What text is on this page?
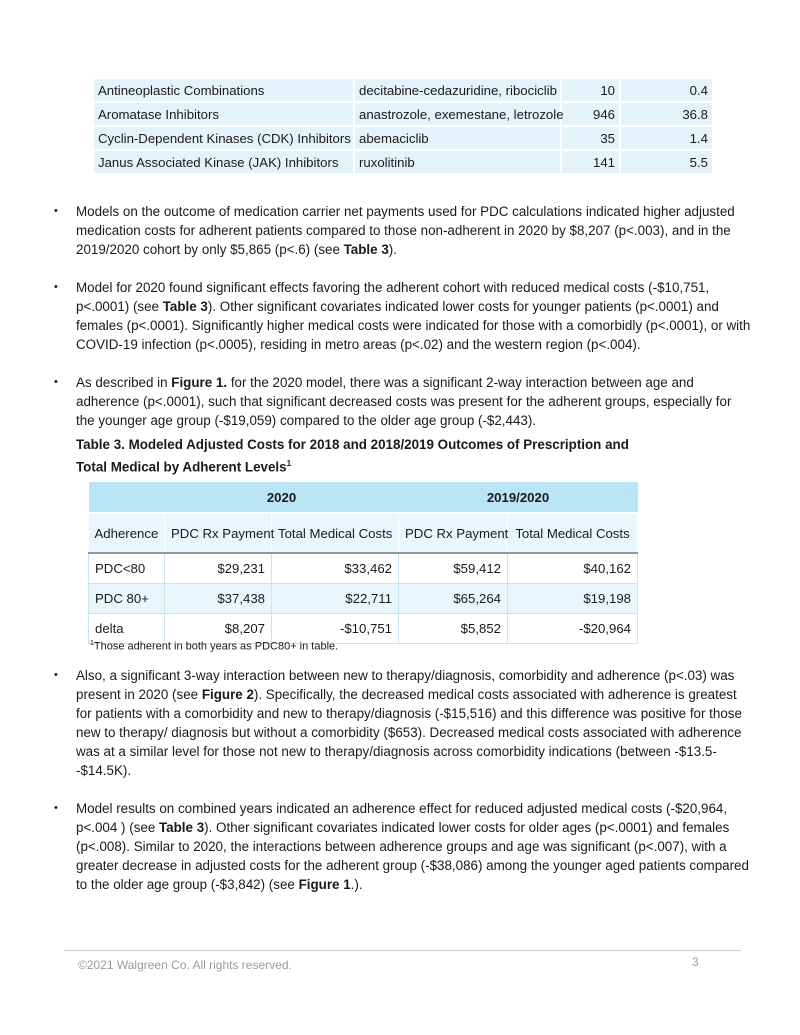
Antineoplastic Combinations	decitabine-cedazuridine, ribociclib	10	0.4
Aromatase Inhibitors	anastrozole, exemestane, letrozole	946	36.8
Cyclin-Dependent Kinases (CDK) Inhibitors	abemaciclib	35	1.4
Janus Associated Kinase (JAK) Inhibitors	ruxolitinib	141	5.5
• Models on the outcome of medication carrier net payments used for PDC calculations indicated higher adjusted medication costs for adherent patients compared to those non-adherent in 2020 by $8,207 (p<.003), and in the 2019/2020 cohort by only $5,865 (p<.6) (see Table 3).
• Model for 2020 found significant effects favoring the adherent cohort with reduced medical costs (-$10,751, p<.0001) (see Table 3). Other significant covariates indicated lower costs for younger patients (p<.0001) and females (p<.0001). Significantly higher medical costs were indicated for those with a comorbidly (p<.0001), or with COVID-19 infection (p<.0005), residing in metro areas (p<.02) and the western region (p<.004).
• As described in Figure 1. for the 2020 model, there was a significant 2-way interaction between age and adherence (p<.0001), such that significant decreased costs was present for the adherent groups, especially for the younger age group (-$19,059) compared to the older age group (-$2,443).
Table 3. Modeled Adjusted Costs for 2018 and 2018/2019 Outcomes of Prescription and
Total Medical by Adherent Levels$^1$
	2020		2019/2020	
Adherence	PDC Rx Payment	Total Medical Costs	PDC Rx Payment	Total Medical Costs
PDC<80	$29,231	$33,462	$59,412	$40,162
PDC 80+	$37,438	$22,711	$65,264	$19,198
delta	$8,207	-$10,751	$5,852	-$20,964
$^1$Those adherent in both years as PDC80+ in table.
• Also, a significant 3-way interaction between new to therapy/diagnosis, comorbidity and adherence (p<.03) was present in 2020 (see Figure 2). Specifically, the decreased medical costs associated with adherence is greatest for patients with a comorbidity and new to therapy/diagnosis (-$15,516) and this difference was positive for those new to therapy/ diagnosis but without a comorbidity ($653). Decreased medical costs associated with adherence was at a similar level for those not new to therapy/diagnosis across comorbidity indications (between -$13.5--$14.5K).
• Model results on combined years indicated an adherence effect for reduced adjusted medical costs (-$20,964, p<.004 ) (see Table 3). Other significant covariates indicated lower costs for older ages (p<.0001) and females (p<.008). Similar to 2020, the interactions between adherence groups and age was significant (p<.007), with a greater decrease in adjusted costs for the adherent group (-$38,086) among the younger aged patients compared to the older age group (-$3,842) (see Figure 1.).
©2021 Walgreen Co. All rights reserved.	3
